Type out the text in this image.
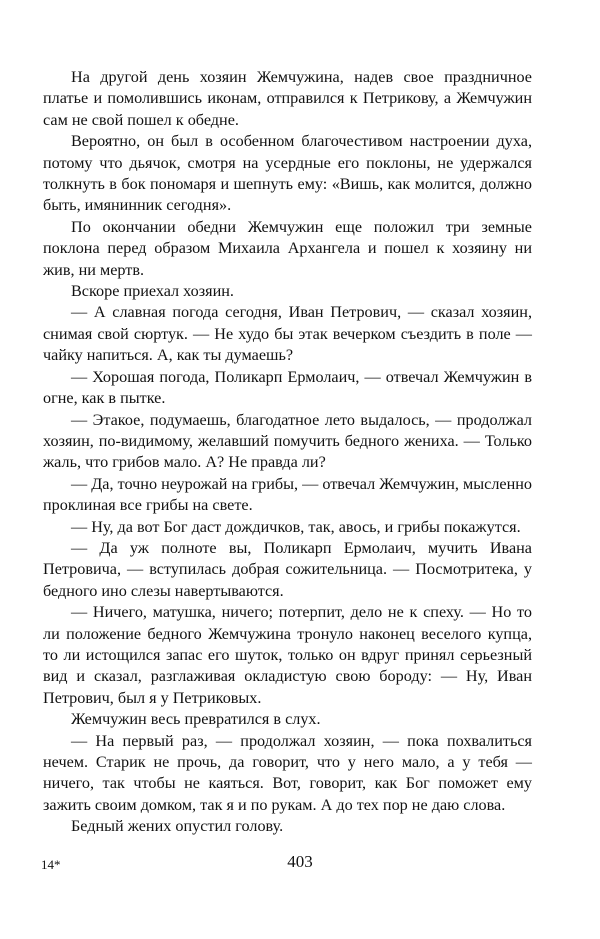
На другой день хозяин Жемчужина, надев свое праздничное платье и помолившись иконам, отправился к Петрикову, а Жемчужин сам не свой пошел к обедне.

Вероятно, он был в особенном благочестивом настроении духа, потому что дьячок, смотря на усердные его поклоны, не удержался толкнуть в бок пономаря и шепнуть ему: «Вишь, как молится, должно быть, имянинник сегодня».

По окончании обедни Жемчужин еще положил три земные поклона перед образом Михаила Архангела и пошел к хозяину ни жив, ни мертв.

Вскоре приехал хозяин.

— А славная погода сегодня, Иван Петрович, — сказал хозяин, снимая свой сюртук. — Не худо бы этак вечерком съездить в поле — чайку напиться. А, как ты думаешь?

— Хорошая погода, Поликарп Ермолаич, — отвечал Жемчужин в огне, как в пытке.

— Этакое, подумаешь, благодатное лето выдалось, — продолжал хозяин, по-видимому, желавший помучить бедного жениха. — Только жаль, что грибов мало. А? Не правда ли?

— Да, точно неурожай на грибы, — отвечал Жемчужин, мысленно проклиная все грибы на свете.

— Ну, да вот Бог даст дождичков, так, авось, и грибы покажутся.

— Да уж полноте вы, Поликарп Ермолаич, мучить Ивана Петровича, — вступилась добрая сожительница. — Посмотритека, у бедного ино слезы навертываются.

— Ничего, матушка, ничего; потерпит, дело не к спеху. — Но то ли положение бедного Жемчужина тронуло наконец веселого купца, то ли истощился запас его шуток, только он вдруг принял серьезный вид и сказал, разглаживая окладистую свою бороду: — Ну, Иван Петрович, был я у Петриковых.

Жемчужин весь превратился в слух.

— На первый раз, — продолжал хозяин, — пока похвалиться нечем. Старик не прочь, да говорит, что у него мало, а у тебя — ничего, так чтобы не каяться. Вот, говорит, как Бог поможет ему зажить своим домком, так я и по рукам. А до тех пор не даю слова.

Бедный жених опустил голову.

14*	403
